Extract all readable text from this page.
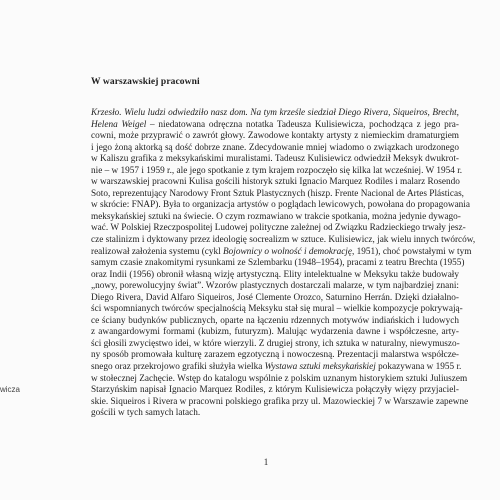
wicza
W warszawskiej pracowni
Krzesło. Wielu ludzi odwiedziło nasz dom. Na tym krześle siedział Diego Rivera, Siqueiros, Brecht,
Helena Weigel – niedatowana odręczna notatka Tadeusza Kulisiewicza, pochodząca z jego pra-
cowni, może przyprawić o zawrót głowy. Zawodowe kontakty artysty z niemieckim dramaturgiem
i jego żoną aktorką są dość dobrze znane. Zdecydowanie mniej wiadomo o związkach urodzonego
w Kaliszu grafika z meksykańskimi muralistami. Tadeusz Kulisiewicz odwiedził Meksyk dwukrot-
nie – w 1957 i 1959 r., ale jego spotkanie z tym krajem rozpoczęło się kilka lat wcześniej. W 1954 r.
w warszawskiej pracowni Kulisa gościli historyk sztuki Ignacio Marquez Rodiles i malarz Rosendo
Soto, reprezentujący Narodowy Front Sztuk Plastycznych (hiszp. Frente Nacional de Artes Plásticas,
w skrócie: FNAP). Była to organizacja artystów o poglądach lewicowych, powołana do propagowania
meksykańskiej sztuki na świecie. O czym rozmawiano w trakcie spotkania, można jedynie dywago-
wać. W Polskiej Rzeczpospolitej Ludowej polityczne zależnej od Związku Radzieckiego trwały jesz-
cze stalinizm i dyktowany przez ideologię socrealizm w sztuce. Kulisiewicz, jak wielu innych twórców,
realizował założenia systemu (cykl Bojownicy o wolność i demokrację, 1951), choć powstałymi w tym
samym czasie znakomitymi rysunkami ze Szlembarku (1948–1954), pracami z teatru Brechta (1955)
oraz Indii (1956) obronił własną wizję artystyczną. Elity intelektualne w Meksyku także budowały
„nowy, porewolucyjny świat”. Wzorów plastycznych dostarczali malarze, w tym najbardziej znani:
Diego Rivera, David Alfaro Siqueiros, José Clemente Orozco, Saturnino Herrán. Dzięki działalno-
ści wspomnianych twórców specjalnością Meksyku stał się mural – wielkie kompozycje pokrywają-
ce ściany budynków publicznych, oparte na łączeniu rdzennych motywów indiańskich i ludowych
z awangardowymi formami (kubizm, futuryzm). Malując wydarzenia dawne i współczesne, arty-
ści głosili zwycięstwo idei, w które wierzyli. Z drugiej strony, ich sztuka w naturalny, niewymuszo-
ny sposób promowała kulturę zarazem egzotyczną i nowoczesną. Prezentacji malarstwa współcze-
snego oraz przekrojowo grafiki służyła wielka Wystawa sztuki meksykańskiej pokazywana w 1955 r.
w stołecznej Zachęcie. Wstęp do katalogu wspólnie z polskim uznanym historykiem sztuki Juliuszem
Starzyńskim napisał Ignacio Marquez Rodiles, z którym Kulisiewicza połączyły więzy przyjaciel-
skie. Siqueiros i Rivera w pracowni polskiego grafika przy ul. Mazowieckiej 7 w Warszawie zapewne
gościli w tych samych latach.
1
